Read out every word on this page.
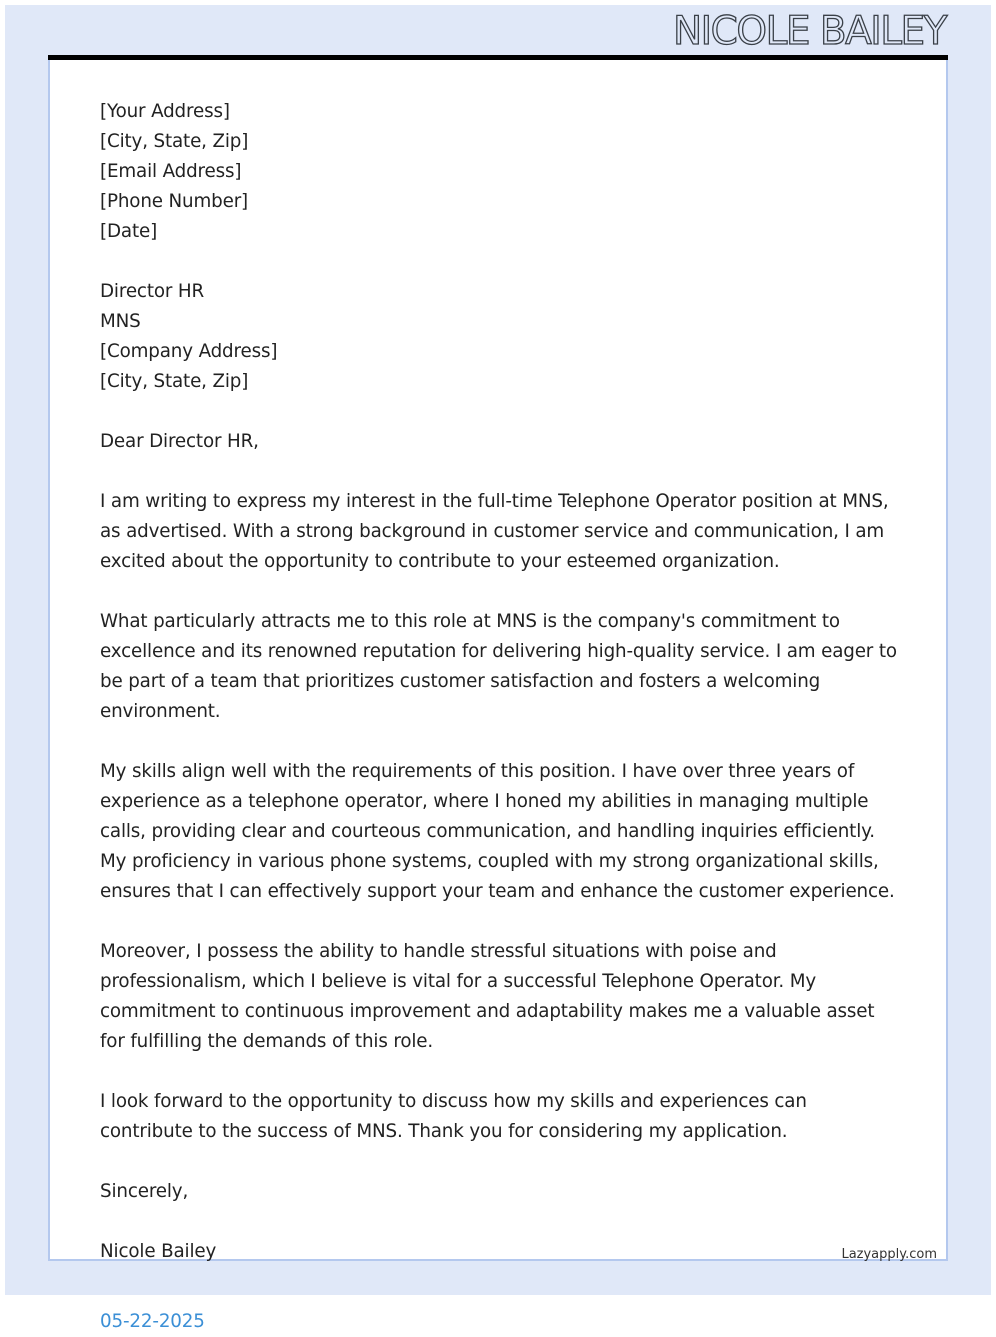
NICOLE BAILEY
[Your Address]
[City, State, Zip]
[Email Address]
[Phone Number]
[Date]
Director HR
MNS
[Company Address]
[City, State, Zip]
Dear Director HR,

I am writing to express my interest in the full-time Telephone Operator position at MNS, as advertised. With a strong background in customer service and communication, I am excited about the opportunity to contribute to your esteemed organization.

What particularly attracts me to this role at MNS is the company's commitment to excellence and its renowned reputation for delivering high-quality service. I am eager to be part of a team that prioritizes customer satisfaction and fosters a welcoming environment.

My skills align well with the requirements of this position. I have over three years of experience as a telephone operator, where I honed my abilities in managing multiple calls, providing clear and courteous communication, and handling inquiries efficiently. My proficiency in various phone systems, coupled with my strong organizational skills, ensures that I can effectively support your team and enhance the customer experience.

Moreover, I possess the ability to handle stressful situations with poise and professionalism, which I believe is vital for a successful Telephone Operator. My commitment to continuous improvement and adaptability makes me a valuable asset for fulfilling the demands of this role.

I look forward to the opportunity to discuss how my skills and experiences can contribute to the success of MNS. Thank you for considering my application.

Sincerely,
Nicole Bailey
05-22-2025
Lazyapply.com
